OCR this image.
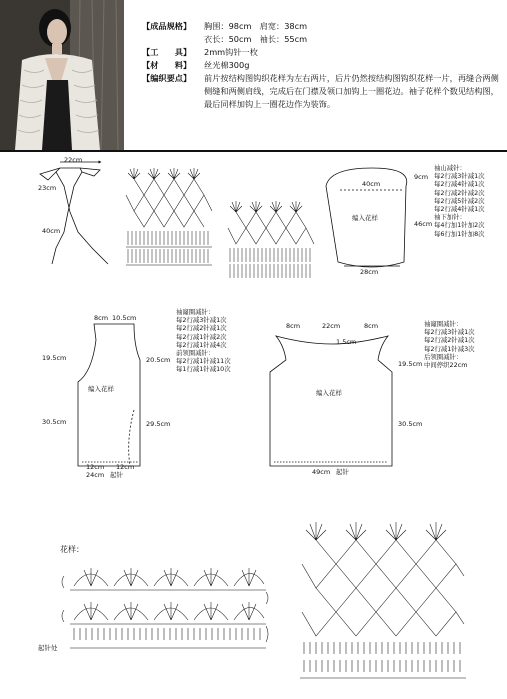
【成品规格】	胸围：98cm　肩宽：38cm
衣长：50cm　袖长：55cm
【工　　具】	2mm钩针一枚
【材　　料】	丝光棉300g
【编织要点】	前片按结构图钩织花样为左右两片，后片仍然按结构图钩织花样一片，再缝合两侧侧缝和两侧肩线，完成后在门襟及领口加钩上一圈花边。袖子花样个数见结构图，最后同样加钩上一圈花边作为装饰。
22cm
23cm
40cm
40cm
9cm
46cm
28cm
编入花样
袖山减针：
每2行减3针减1次
每2行减4针减1次
每2行减2针减2次
每2行减5针减2次
每2行减4针减1次
袖下加针：
每4行加1针加2次
每6行加1针加8次
8cm 10.5cm
19.5cm
30.5cm
20.5cm
29.5cm
编入花样
12cm 12cm
24cm 起针
袖窿圈减针：
每2行减3针减1次
每2行减2针减1次
每2行减1针减2次
每2行减1针减4次
前领圈减针：
每2行减1针减11次
每1行减1针减10次
8cm	22cm	8cm
1.5cm
19.5cm
30.5cm
编入花样
49cm 起针
袖窿圈减针：
每2行减3针减1次
每2行减2针减1次
每2行减1针减3次
后领圈减针：
中间停织22cm
花样：
起针处
